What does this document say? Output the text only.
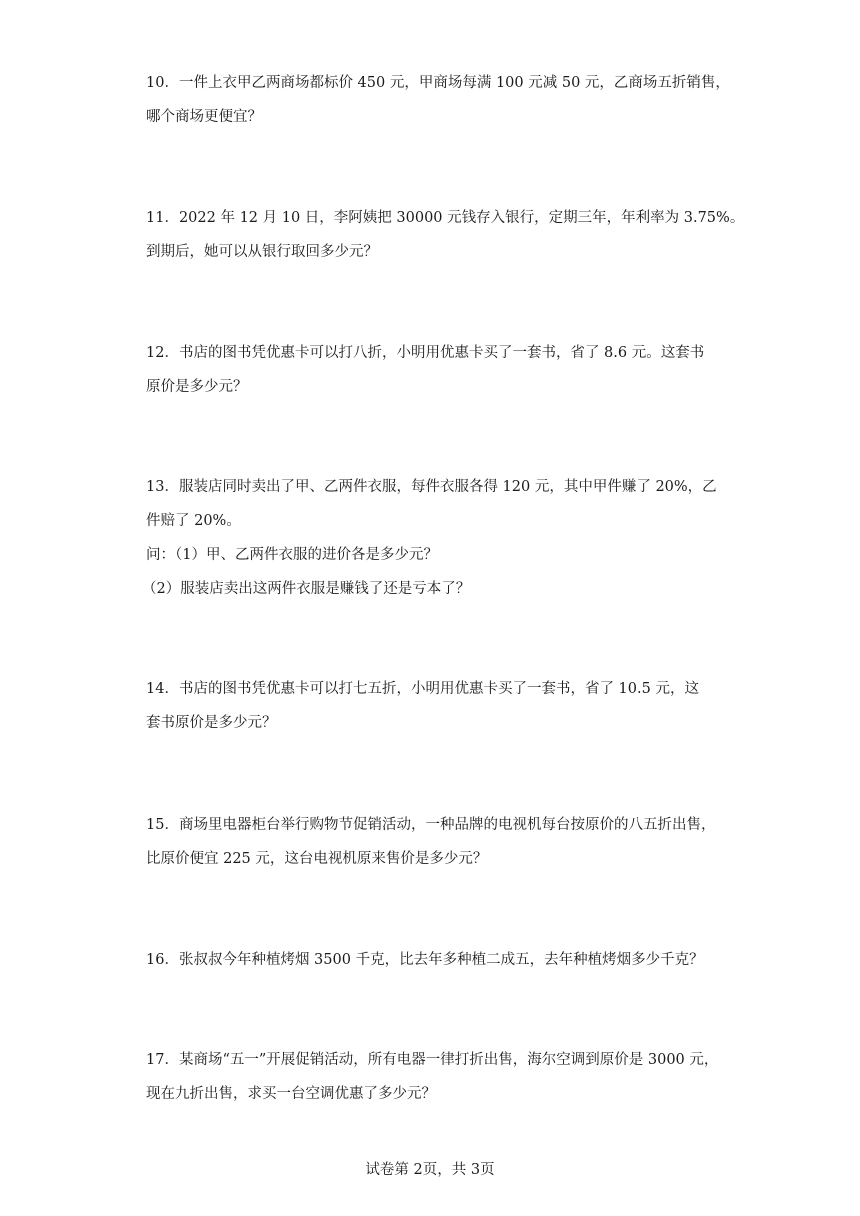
10．一件上衣甲乙两商场都标价 450 元，甲商场每满 100 元减 50 元，乙商场五折销售，

哪个商场更便宜？

11．2022 年 12 月 10 日，李阿姨把 30000 元钱存入银行，定期三年，年利率为 3.75%。

到期后，她可以从银行取回多少元？

12．书店的图书凭优惠卡可以打八折，小明用优惠卡买了一套书，省了 8.6 元。这套书

原价是多少元？

13．服装店同时卖出了甲、乙两件衣服，每件衣服各得 120 元，其中甲件赚了 20%，乙

件赔了 20%。

问：（1）甲、乙两件衣服的进价各是多少元？

（2）服装店卖出这两件衣服是赚钱了还是亏本了？

14．书店的图书凭优惠卡可以打七五折，小明用优惠卡买了一套书，省了 10.5 元，这

套书原价是多少元？

15．商场里电器柜台举行购物节促销活动，一种品牌的电视机每台按原价的八五折出售，

比原价便宜 225 元，这台电视机原来售价是多少元？

16．张叔叔今年种植烤烟 3500 千克，比去年多种植二成五，去年种植烤烟多少千克？

17．某商场“五一”开展促销活动，所有电器一律打折出售，海尔空调到原价是 3000 元，

现在九折出售，求买一台空调优惠了多少元？

试卷第 2页，共 3页
